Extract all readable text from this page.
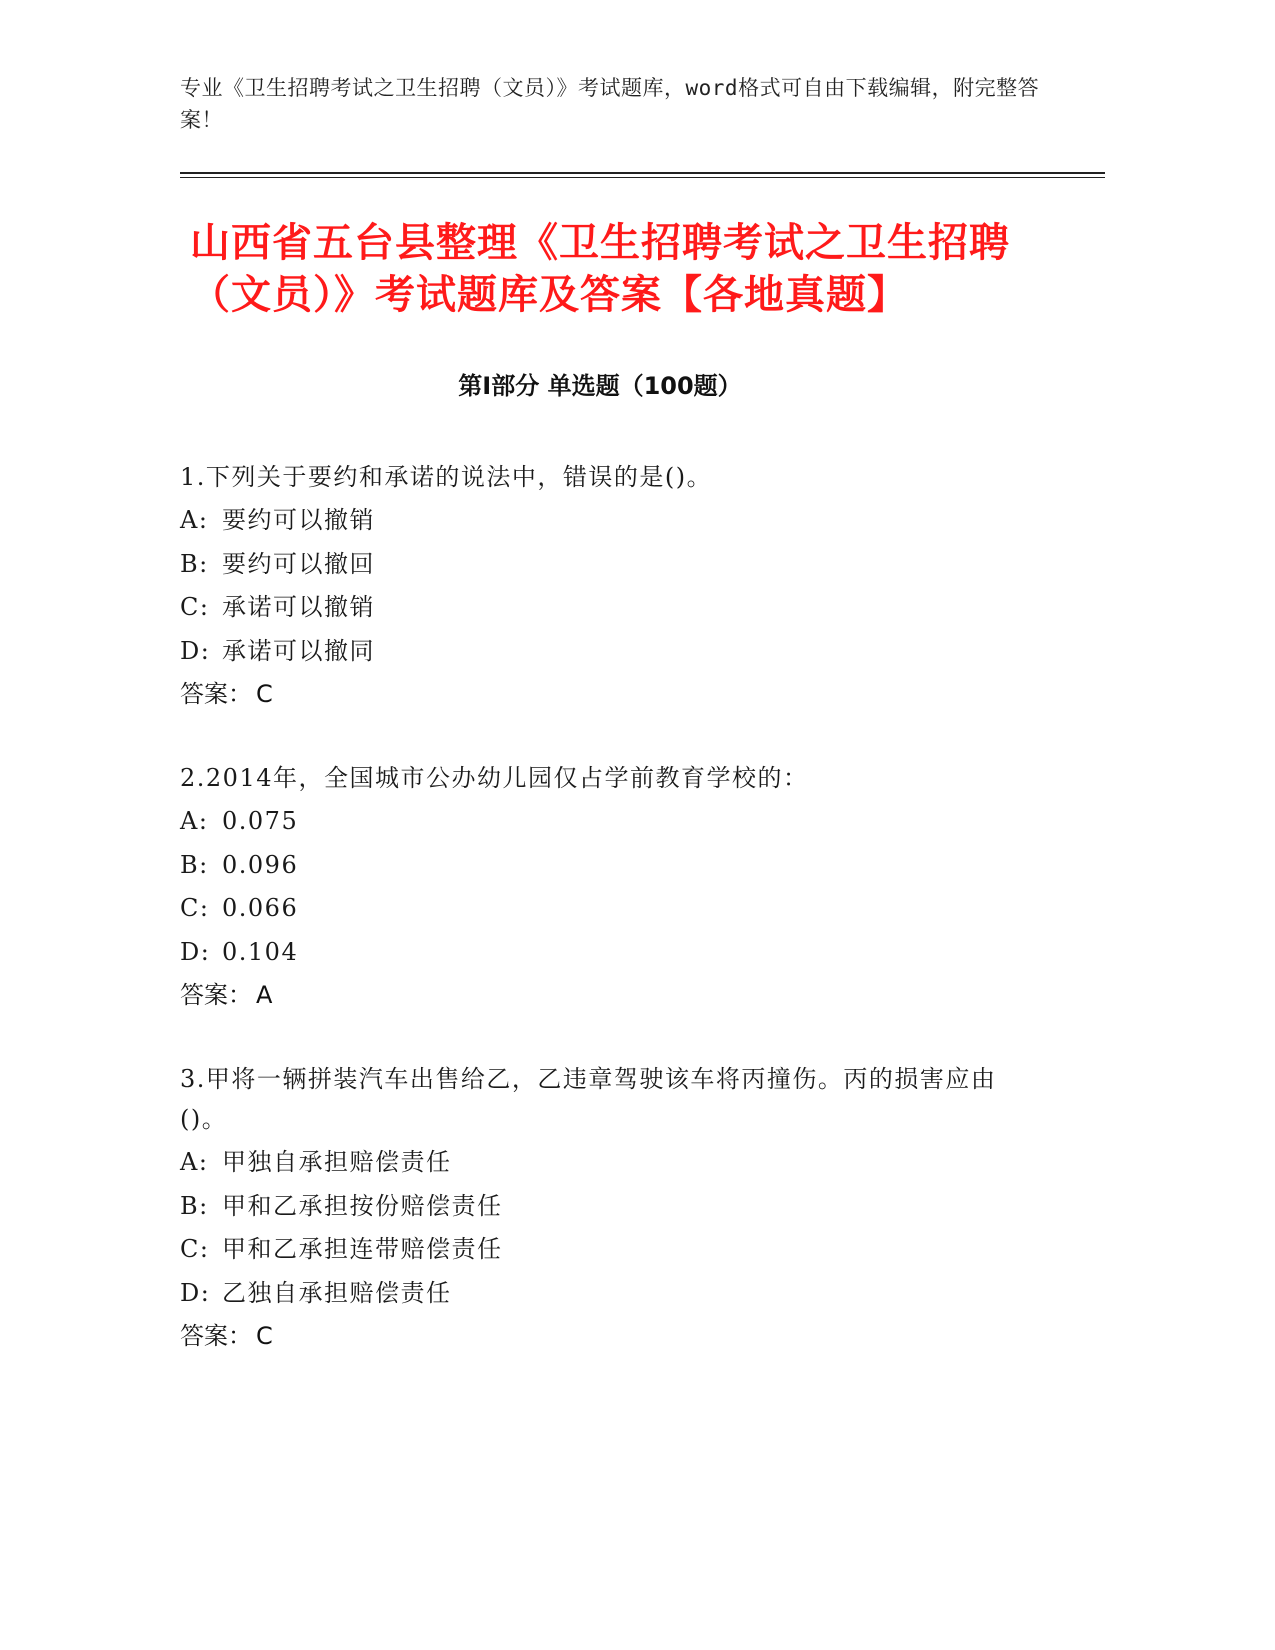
专业《卫生招聘考试之卫生招聘（文员）》考试题库，word格式可自由下载编辑，附完整答案！
山西省五台县整理《卫生招聘考试之卫生招聘（文员）》考试题库及答案【各地真题】
第Ⅰ部分 单选题（100题）
1.下列关于要约和承诺的说法中，错误的是()。
A: 要约可以撤销
B: 要约可以撤回
C: 承诺可以撤销
D: 承诺可以撤同
答案： C
2.2014年，全国城市公办幼儿园仅占学前教育学校的：
A: 0.075
B: 0.096
C: 0.066
D: 0.104
答案： A
3.甲将一辆拼装汽车出售给乙，乙违章驾驶该车将丙撞伤。丙的损害应由()。
A: 甲独自承担赔偿责任
B: 甲和乙承担按份赔偿责任
C: 甲和乙承担连带赔偿责任
D: 乙独自承担赔偿责任
答案： C
